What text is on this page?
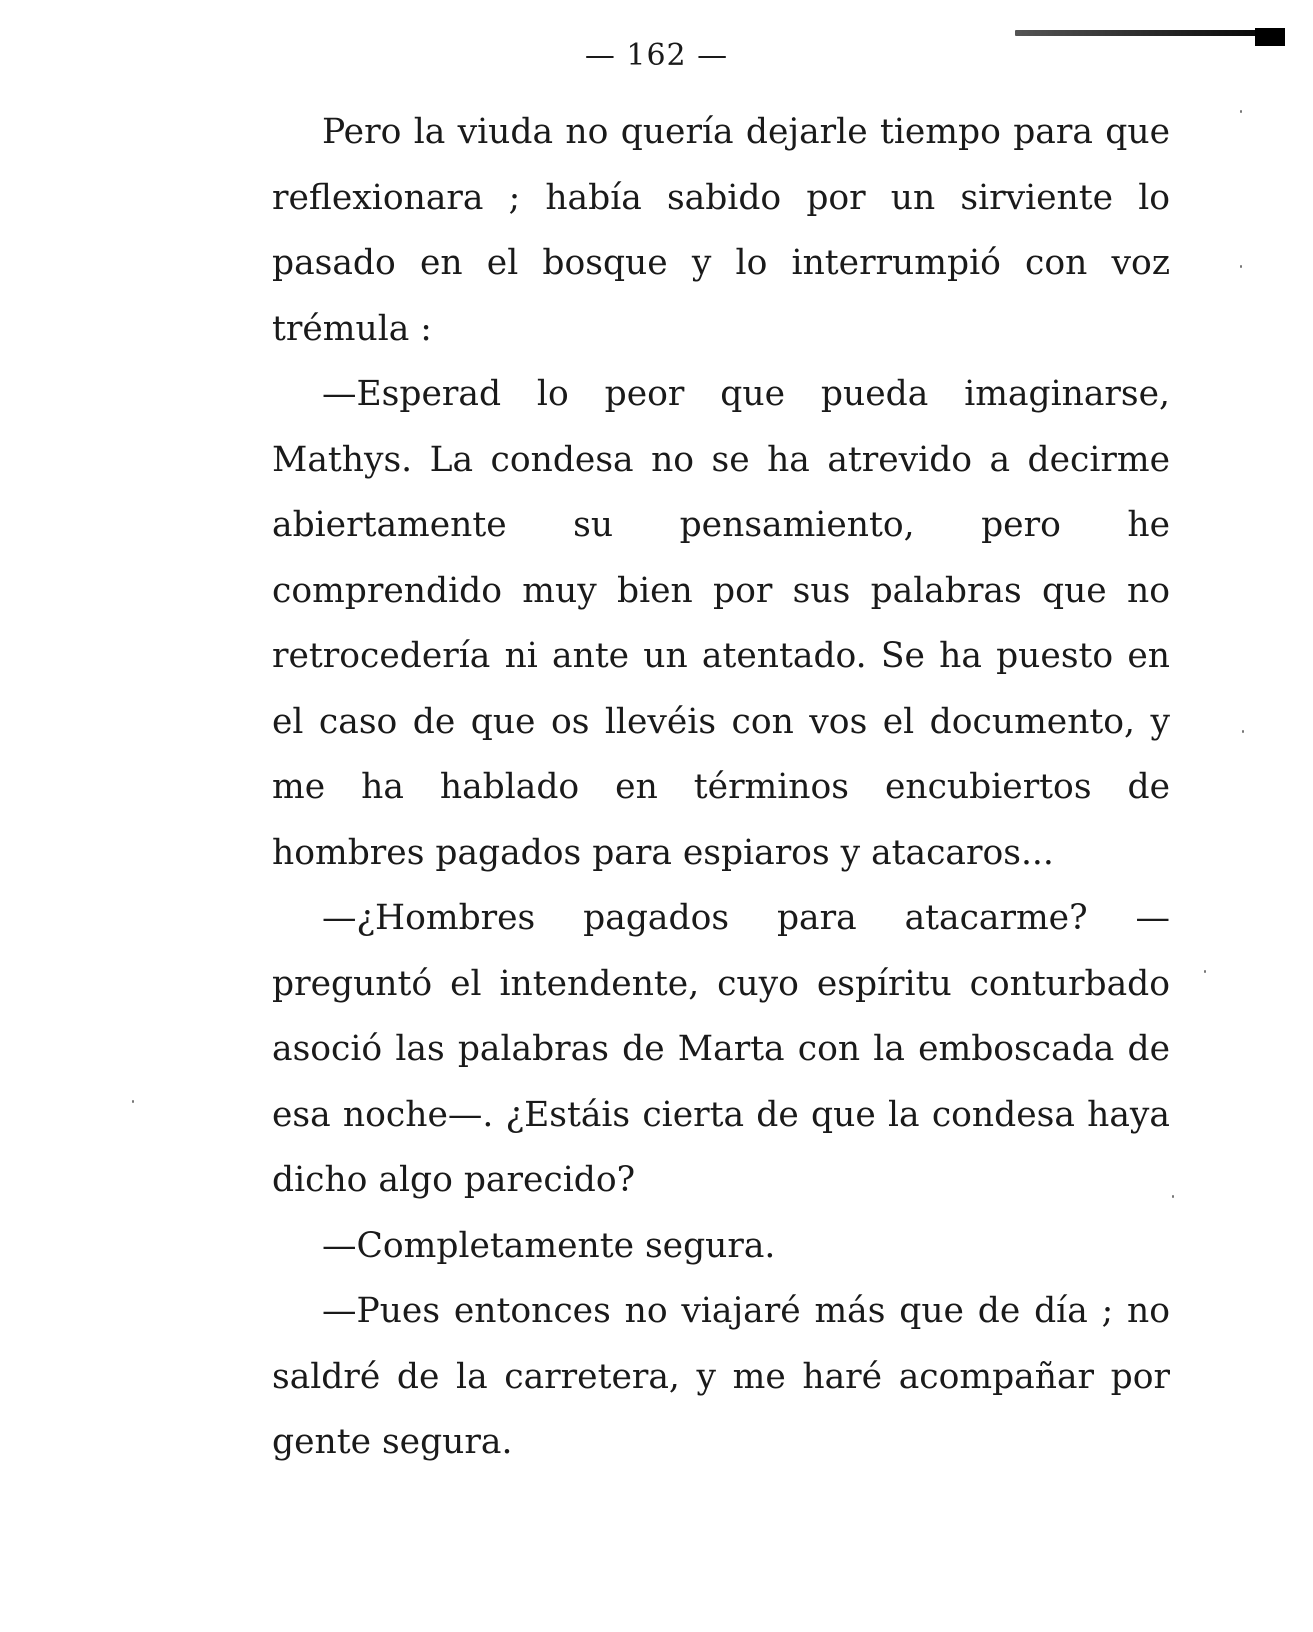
— 162 —

Pero la viuda no quería dejarle tiempo para que reflexionara ; había sabido por un sirviente lo pasado en el bosque y lo interrumpió con voz trémula :

—Esperad lo peor que pueda imaginarse, Mathys. La condesa no se ha atrevido a decirme abiertamente su pensamiento, pero he comprendido muy bien por sus palabras que no retrocedería ni ante un atentado. Se ha puesto en el caso de que os llevéis con vos el documento, y me ha hablado en términos encubiertos de hombres pagados para espiaros y atacaros...

—¿Hombres pagados para atacarme? — preguntó el intendente, cuyo espíritu conturbado asoció las palabras de Marta con la emboscada de esa noche—. ¿Estáis cierta de que la condesa haya dicho algo parecido?

—Completamente segura.

—Pues entonces no viajaré más que de día ; no saldré de la carretera, y me haré acompañar por gente segura.
